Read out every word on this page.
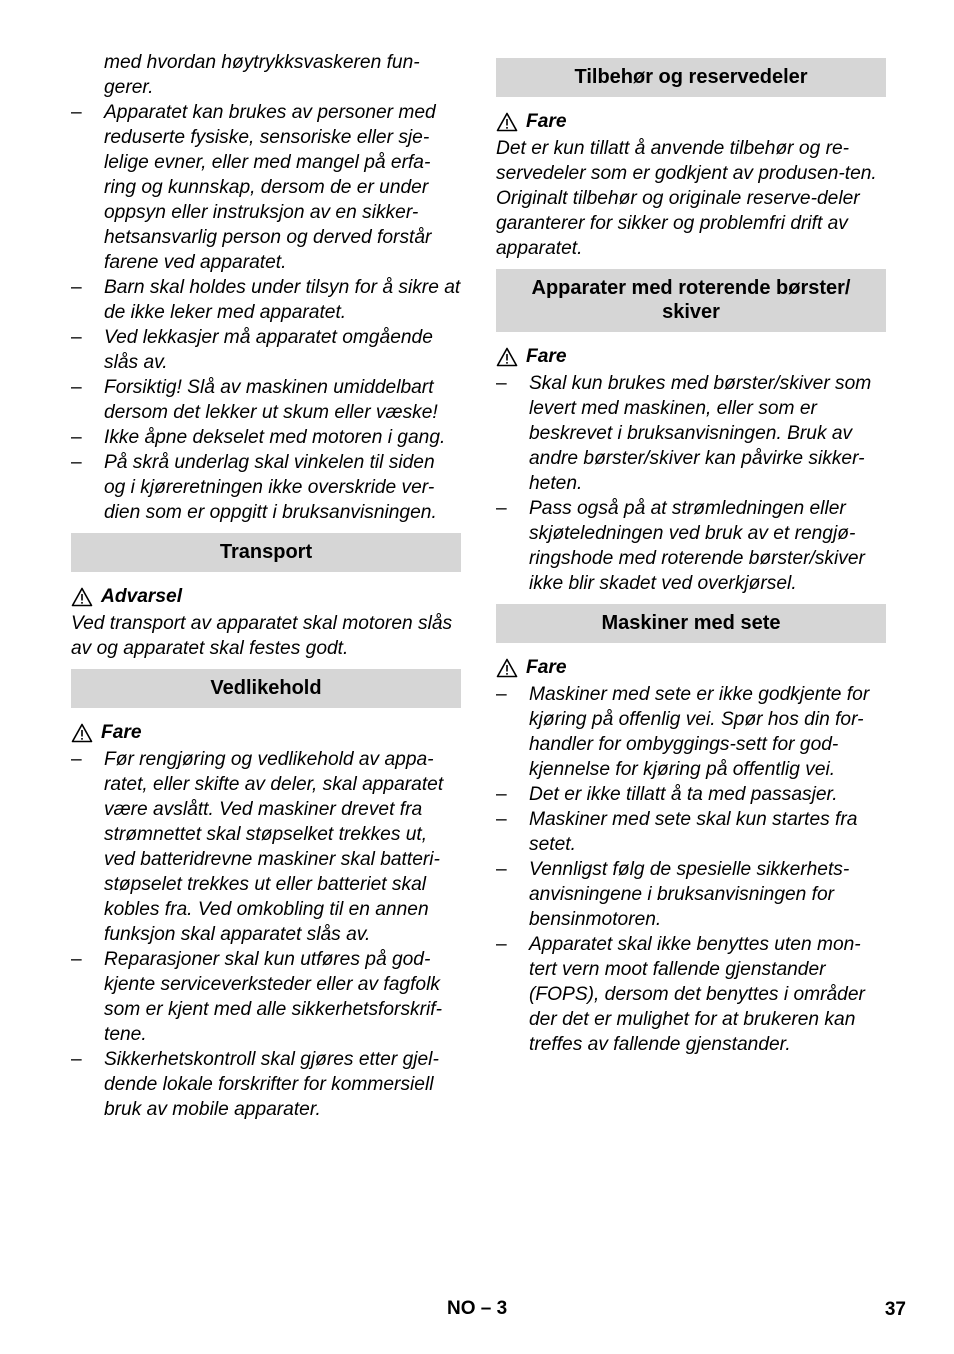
med hvordan høytrykksvaskeren fun-gerer.

–	Apparatet kan brukes av personer med reduserte fysiske, sensoriske eller sje-lelige evner, eller med mangel på erfa-ring og kunnskap, dersom de er under oppsyn eller instruksjon av en sikker-hetsansvarlig person og derved forstår farene ved apparatet.

–	Barn skal holdes under tilsyn for å sikre at de ikke leker med apparatet.

–	Ved lekkasjer må apparatet omgående slås av.

–	Forsiktig! Slå av maskinen umiddelbart dersom det lekker ut skum eller væske!

–	Ikke åpne dekselet med motoren i gang.

–	På skrå underlag skal vinkelen til siden og i kjøreretningen ikke overskride ver-dien som er oppgitt i bruksanvisningen.

Transport
Advarsel

Ved transport av apparatet skal motoren slås av og apparatet skal festes godt.

Vedlikehold
Fare

–	Før rengjøring og vedlikehold av appa-ratet, eller skifte av deler, skal apparatet være avslått. Ved maskiner drevet fra strømnettet skal støpselket trekkes ut, ved batteridrevne maskiner skal batteri-støpselet trekkes ut eller batteriet skal kobles fra. Ved omkobling til en annen funksjon skal apparatet slås av.

–	Reparasjoner skal kun utføres på god-kjente serviceverksteder eller av fagfolk som er kjent med alle sikkerhetsforskrif-tene.

–	Sikkerhetskontroll skal gjøres etter gjel-dende lokale forskrifter for kommersiell bruk av mobile apparater.

Tilbehør og reservedeler
Fare

Det er kun tillatt å anvende tilbehør og re-servedeler som er godkjent av produsen-ten. Originalt tilbehør og originale reserve-deler garanterer for sikker og problemfri drift av apparatet.

Apparater med roterende børster/ skiver
Fare

–	Skal kun brukes med børster/skiver som levert med maskinen, eller som er beskrevet i bruksanvisningen. Bruk av andre børster/skiver kan påvirke sikker-heten.

–	Pass også på at strømledningen eller skjøteledningen ved bruk av et rengjø-ringshode med roterende børster/skiver ikke blir skadet ved overkjørsel.

Maskiner med sete
Fare

–	Maskiner med sete er ikke godkjente for kjøring på offenlig vei. Spør hos din for-handler for ombyggings-sett for god-kjennelse for kjøring på offentlig vei.

–	Det er ikke tillatt å ta med passasjer.

–	Maskiner med sete skal kun startes fra setet.

–	Vennligst følg de spesielle sikkerhets-anvisningene i bruksanvisningen for bensinmotoren.

–	Apparatet skal ikke benyttes uten mon-tert vern moot fallende gjenstander (FOPS), dersom det benyttes i områder der det er mulighet for at brukeren kan treffes av fallende gjenstander.

NO – 3	37
